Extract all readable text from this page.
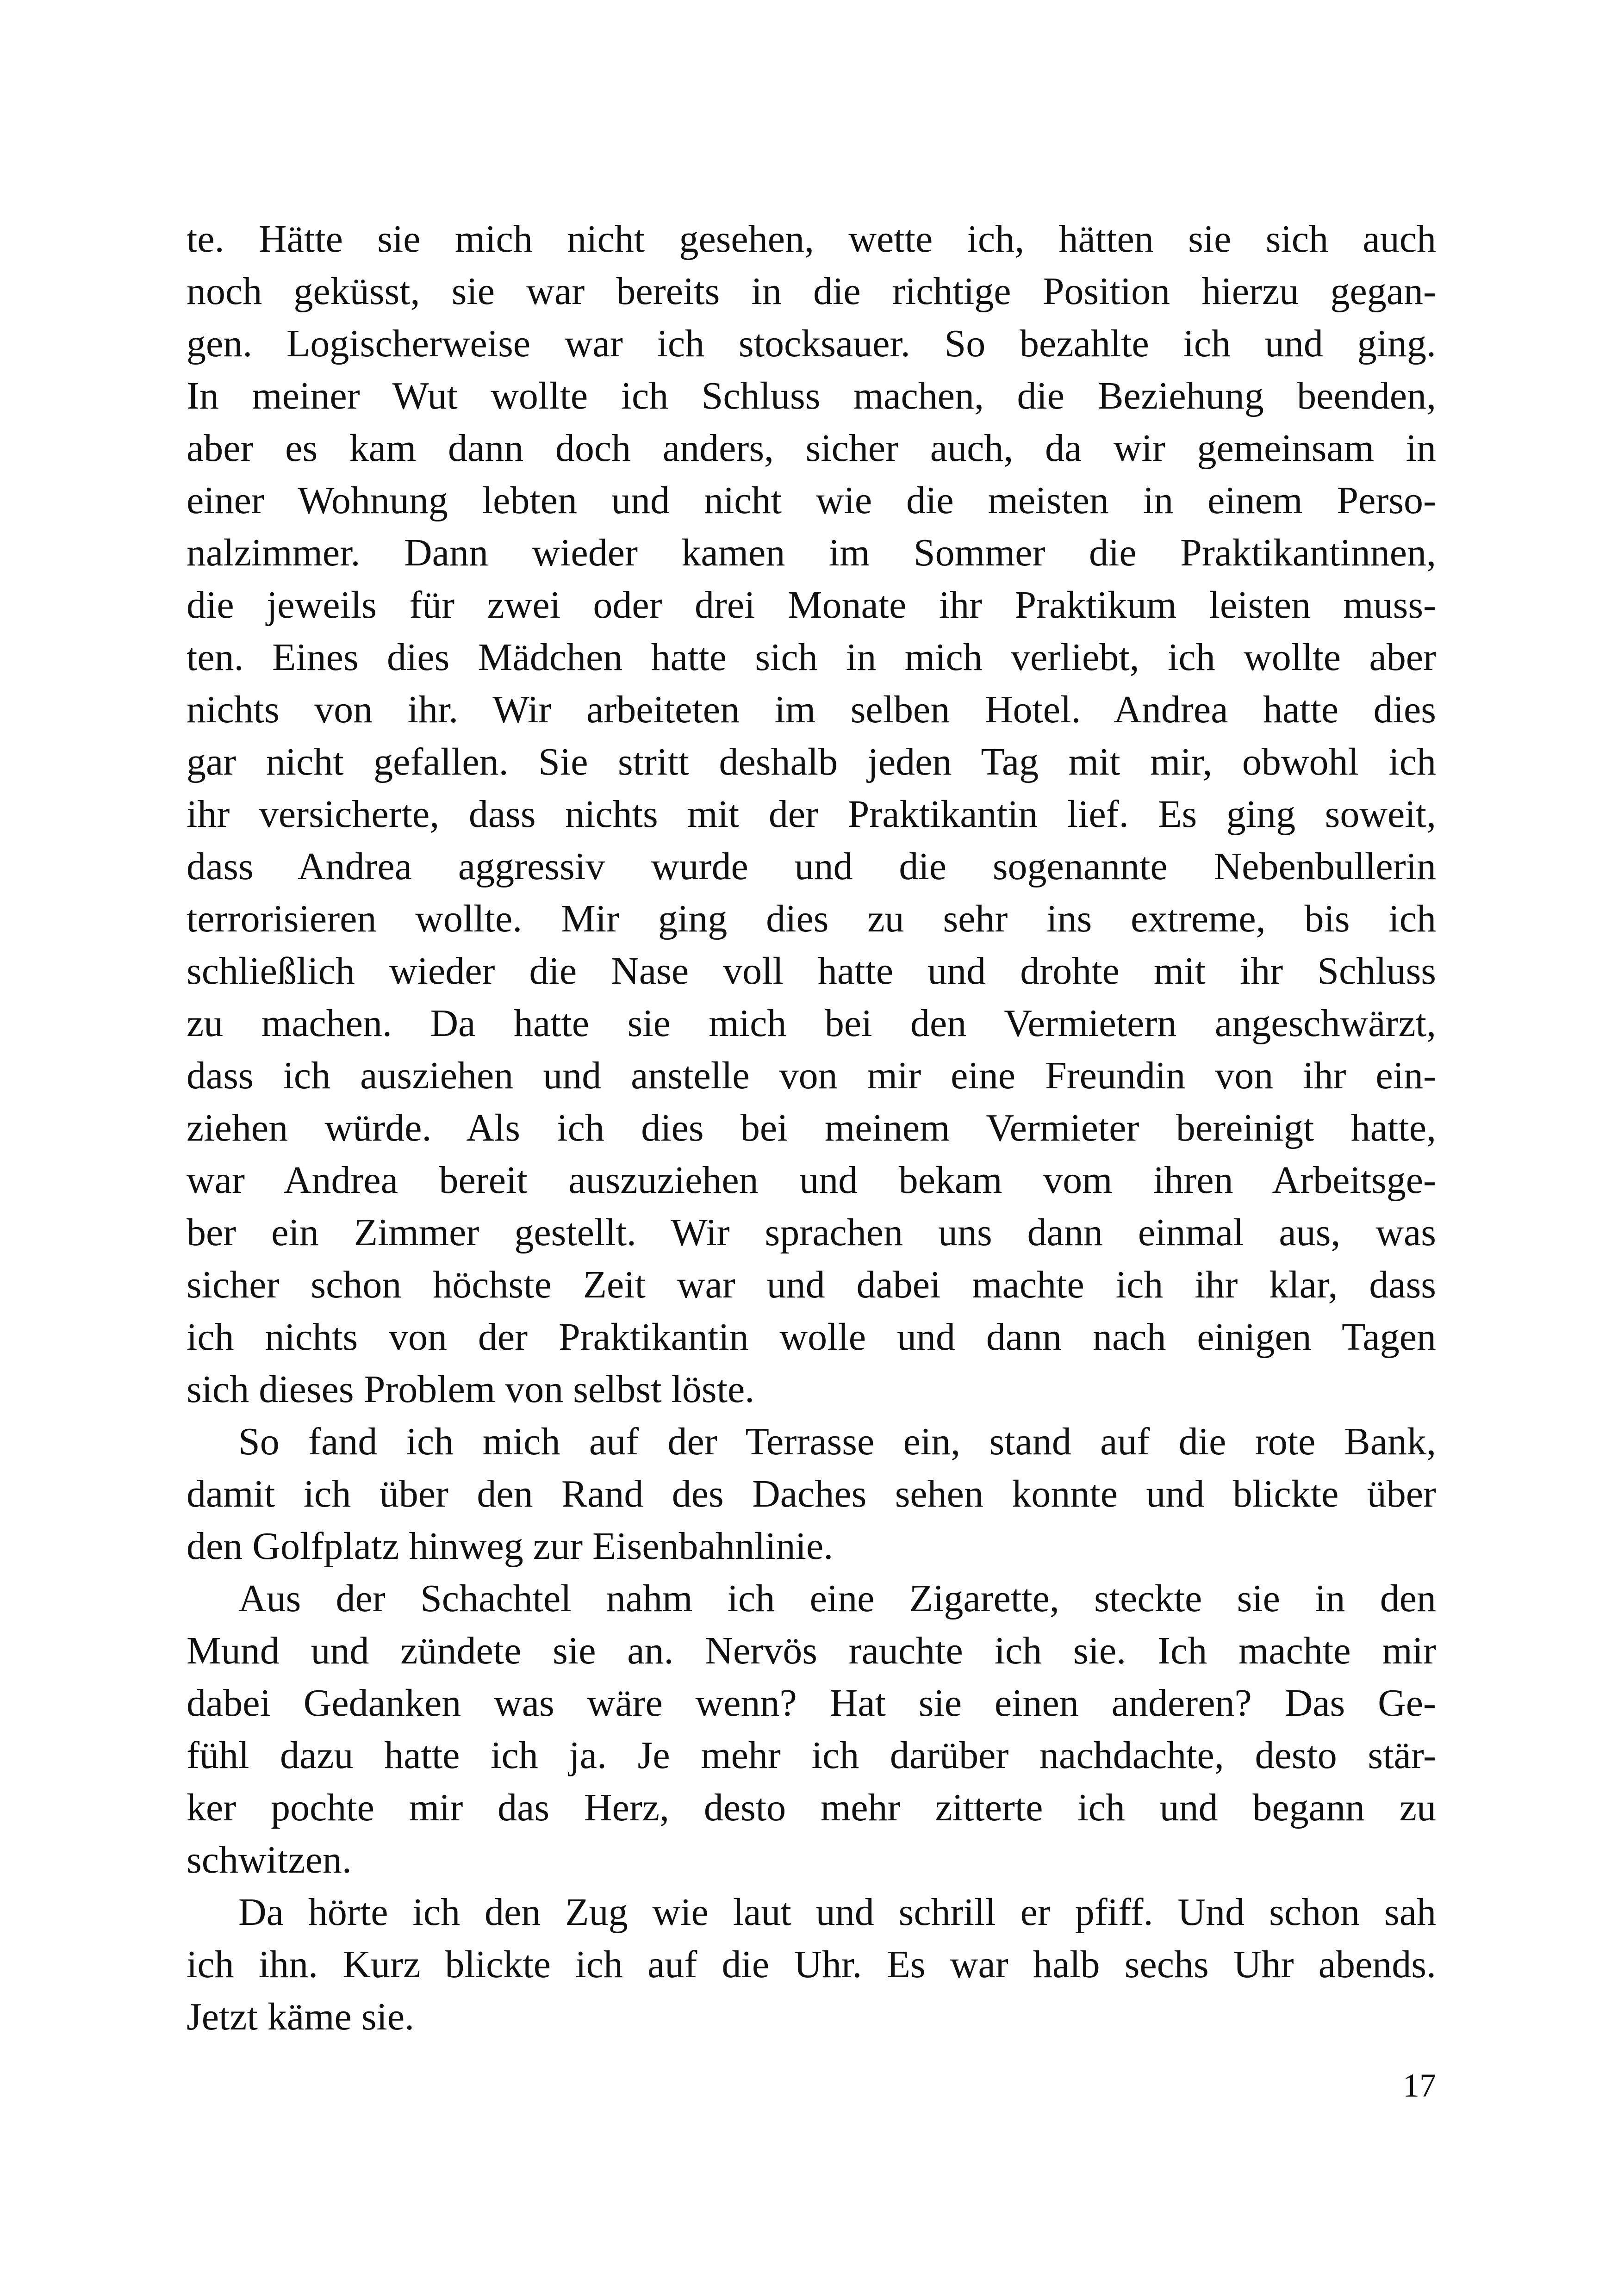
te. Hätte sie mich nicht gesehen, wette ich, hätten sie sich auch
noch geküsst, sie war bereits in die richtige Position hierzu gegan-
gen. Logischerweise war ich stocksauer. So bezahlte ich und ging.
In meiner Wut wollte ich Schluss machen, die Beziehung beenden,
aber es kam dann doch anders, sicher auch, da wir gemeinsam in
einer Wohnung lebten und nicht wie die meisten in einem Perso-
nalzimmer. Dann wieder kamen im Sommer die Praktikantinnen,
die jeweils für zwei oder drei Monate ihr Praktikum leisten muss-
ten. Eines dies Mädchen hatte sich in mich verliebt, ich wollte aber
nichts von ihr. Wir arbeiteten im selben Hotel. Andrea hatte dies
gar nicht gefallen. Sie stritt deshalb jeden Tag mit mir, obwohl ich
ihr versicherte, dass nichts mit der Praktikantin lief. Es ging soweit,
dass Andrea aggressiv wurde und die sogenannte Nebenbullerin
terrorisieren wollte. Mir ging dies zu sehr ins extreme, bis ich
schließlich wieder die Nase voll hatte und drohte mit ihr Schluss
zu machen. Da hatte sie mich bei den Vermietern angeschwärzt,
dass ich ausziehen und anstelle von mir eine Freundin von ihr ein-
ziehen würde. Als ich dies bei meinem Vermieter bereinigt hatte,
war Andrea bereit auszuziehen und bekam vom ihren Arbeitsge-
ber ein Zimmer gestellt. Wir sprachen uns dann einmal aus, was
sicher schon höchste Zeit war und dabei machte ich ihr klar, dass
ich nichts von der Praktikantin wolle und dann nach einigen Tagen
sich dieses Problem von selbst löste.

So fand ich mich auf der Terrasse ein, stand auf die rote Bank,
damit ich über den Rand des Daches sehen konnte und blickte über
den Golfplatz hinweg zur Eisenbahnlinie.

Aus der Schachtel nahm ich eine Zigarette, steckte sie in den
Mund und zündete sie an. Nervös rauchte ich sie. Ich machte mir
dabei Gedanken was wäre wenn? Hat sie einen anderen? Das Ge-
fühl dazu hatte ich ja. Je mehr ich darüber nachdachte, desto stär-
ker pochte mir das Herz, desto mehr zitterte ich und begann zu
schwitzen.

Da hörte ich den Zug wie laut und schrill er pfiff. Und schon sah
ich ihn. Kurz blickte ich auf die Uhr. Es war halb sechs Uhr abends.
Jetzt käme sie.

17
